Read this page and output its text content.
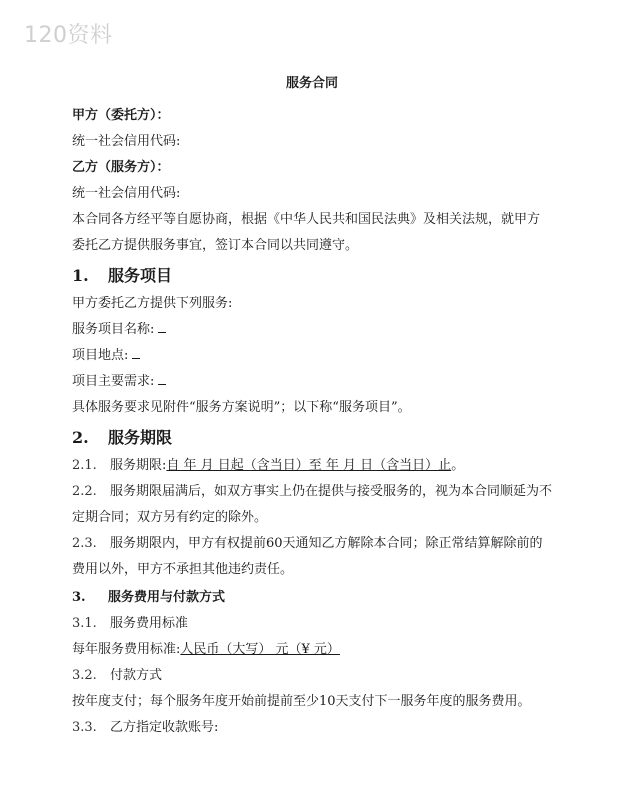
120资料
服务合同
甲方（委托方）：
统一社会信用代码:
乙方（服务方）：
统一社会信用代码:
本合同各方经平等自愿协商，根据《中华人民共和国民法典》及相关法规，就甲方委托乙方提供服务事宜，签订本合同以共同遵守。
1. 服务项目
甲方委托乙方提供下列服务:
服务项目名称:
项目地点:
项目主要需求:
具体服务要求见附件“服务方案说明”；以下称“服务项目”。
2. 服务期限
2.1. 服务期限:自 年 月 日起（含当日）至 年 月 日（含当日）止。
2.2. 服务期限届满后，如双方事实上仍在提供与接受服务的，视为本合同顺延为不定期合同；双方另有约定的除外。
2.3. 服务期限内，甲方有权提前60天通知乙方解除本合同；除正常结算解除前的费用以外，甲方不承担其他违约责任。
3. 服务费用与付款方式
3.1. 服务费用标准
每年服务费用标准:人民币（大写） 元（¥ 元）
3.2. 付款方式
按年度支付；每个服务年度开始前提前至少10天支付下一服务年度的服务费用。
3.3. 乙方指定收款账号:
